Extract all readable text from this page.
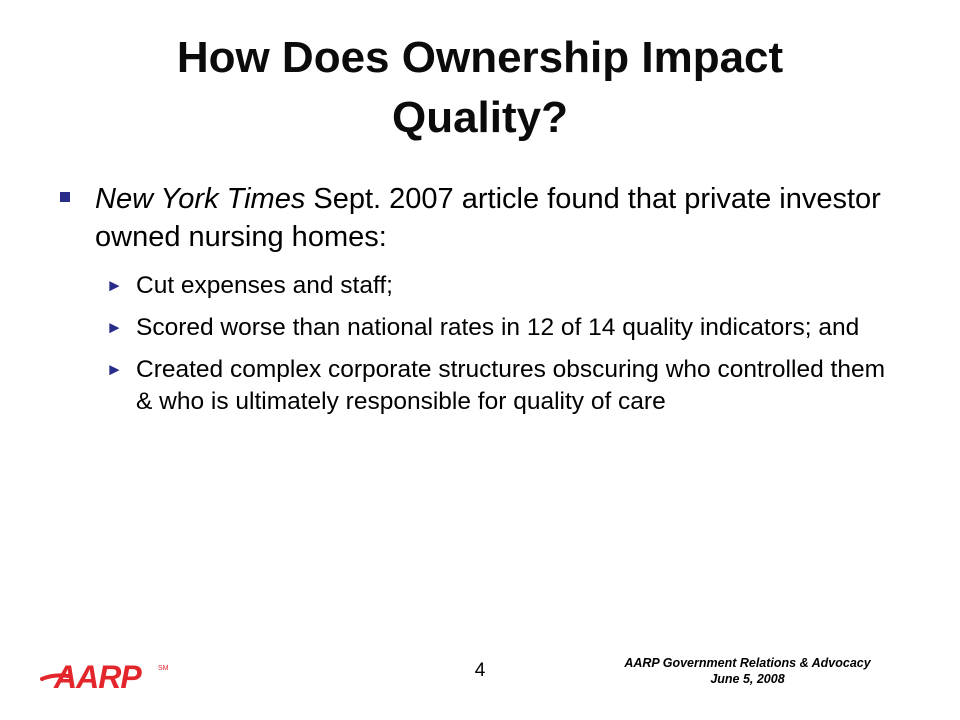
How Does Ownership Impact
Quality?
New York Times Sept. 2007 article found that private investor owned nursing homes:
► Cut expenses and staff;
► Scored worse than national rates in 12 of 14 quality indicators; and
► Created complex corporate structures obscuring who controlled them & who is ultimately responsible for quality of care
AARP SM	4	AARP Government Relations & Advocacy
June 5, 2008
